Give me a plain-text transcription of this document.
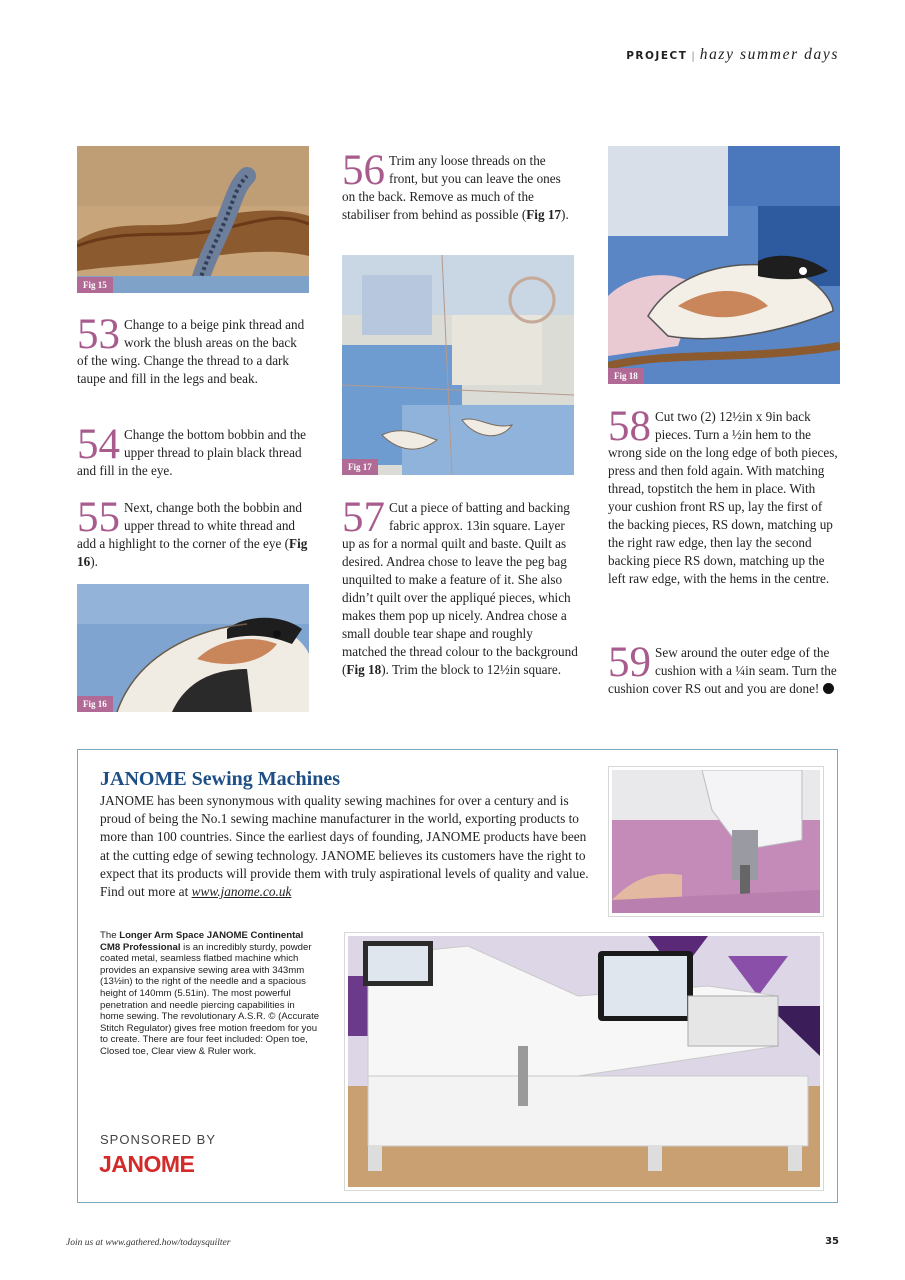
PROJECT | hazy summer days
Fig 15
53 Change to a beige pink thread and work the blush areas on the back of the wing. Change the thread to a dark taupe and fill in the legs and beak.
54 Change the bottom bobbin and the upper thread to plain black thread and fill in the eye.
55 Next, change both the bobbin and upper thread to white thread and add a highlight to the corner of the eye (Fig 16).
Fig 16
56 Trim any loose threads on the front, but you can leave the ones on the back. Remove as much of the stabiliser from behind as possible (Fig 17).
Fig 17
57 Cut a piece of batting and backing fabric approx. 13in square. Layer up as for a normal quilt and baste. Quilt as desired. Andrea chose to leave the peg bag unquilted to make a feature of it. She also didn’t quilt over the appliqué pieces, which makes them pop up nicely. Andrea chose a small double tear shape and roughly matched the thread colour to the background (Fig 18). Trim the block to 12½in square.
Fig 18
58 Cut two (2) 12½in x 9in back pieces. Turn a ½in hem to the wrong side on the long edge of both pieces, press and then fold again. With matching thread, topstitch the hem in place. With your cushion front RS up, lay the first of the backing pieces, RS down, matching up the right raw edge, then lay the second backing piece RS down, matching up the left raw edge, with the hems in the centre.
59 Sew around the outer edge of the cushion with a ¼in seam. Turn the cushion cover RS out and you are done!
JANOME Sewing Machines
JANOME has been synonymous with quality sewing machines for over a century and is proud of being the No.1 sewing machine manufacturer in the world, exporting products to more than 100 countries. Since the earliest days of founding, JANOME products have been at the cutting edge of sewing technology. JANOME believes its customers have the right to expect that its products will provide them with truly aspirational levels of quality and value. Find out more at www.janome.co.uk
The Longer Arm Space JANOME Continental CM8 Professional is an incredibly sturdy, powder coated metal, seamless flatbed machine which provides an expansive sewing area with 343mm (13½in) to the right of the needle and a spacious height of 140mm (5.51in). The most powerful penetration and needle piercing capabilities in home sewing. The revolutionary A.S.R. © (Accurate Stitch Regulator) gives free motion freedom for you to create. There are four feet included: Open toe, Closed toe, Clear view & Ruler work.
SPONSORED BY
JANOME
Join us at www.gathered.how/todaysquilter	35
